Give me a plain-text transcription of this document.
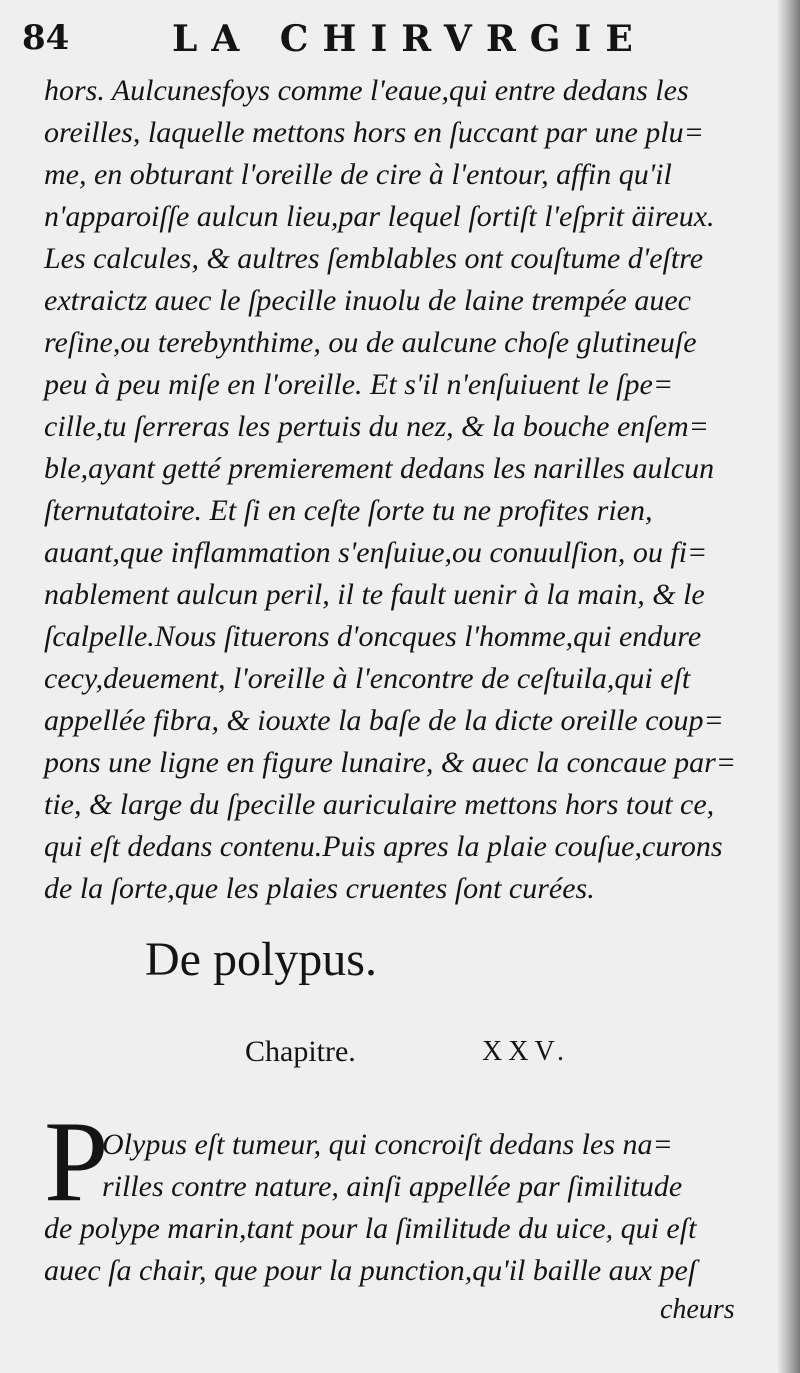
84	LA CHIRVRGIE

hors. Aulcunesfoys comme l'eaue,qui entre dedans les
oreilles, laquelle mettons hors en ſuccant par une plu=
me, en obturant l'oreille de cire à l'entour, affin qu'il
n'apparoiſſe aulcun lieu,par lequel ſortiſt l'eſprit äireux.
Les calcules, & aultres ſemblables ont couſtume d'eſtre
extraictz auec le ſpecille inuolu de laine trempée auec
reſine,ou terebynthime, ou de aulcune choſe glutineuſe
peu à peu miſe en l'oreille. Et s'il n'enſuiuent le ſpe=
cille,tu ſerreras les pertuis du nez, & la bouche enſem=
ble,ayant getté premierement dedans les narilles aulcun
ſternutatoire. Et ſi en ceſte ſorte tu ne profites rien,
auant,que inflammation s'enſuiue,ou conuulſion, ou fi=
nablement aulcun peril, il te fault uenir à la main, & le
ſcalpelle.Nous ſituerons d'oncques l'homme,qui endure
cecy,deuement, l'oreille à l'encontre de ceſtuila,qui eſt
appellée fibra, & iouxte la baſe de la dicte oreille coup=
pons une ligne en figure lunaire, & auec la concaue par=
tie, & large du ſpecille auriculaire mettons hors tout ce,
qui eſt dedans contenu.Puis apres la plaie couſue,curons
de la ſorte,que les plaies cruentes ſont curées.

De polypus.
Chapitre.	XXV.
P

Olypus eſt tumeur, qui concroiſt dedans les na=
rilles contre nature, ainſi appellée par ſimilitude
de polype marin,tant pour la ſimilitude du uice, qui eſt
auec ſa chair, que pour la punction,qu'il baille aux peſ

cheurs
